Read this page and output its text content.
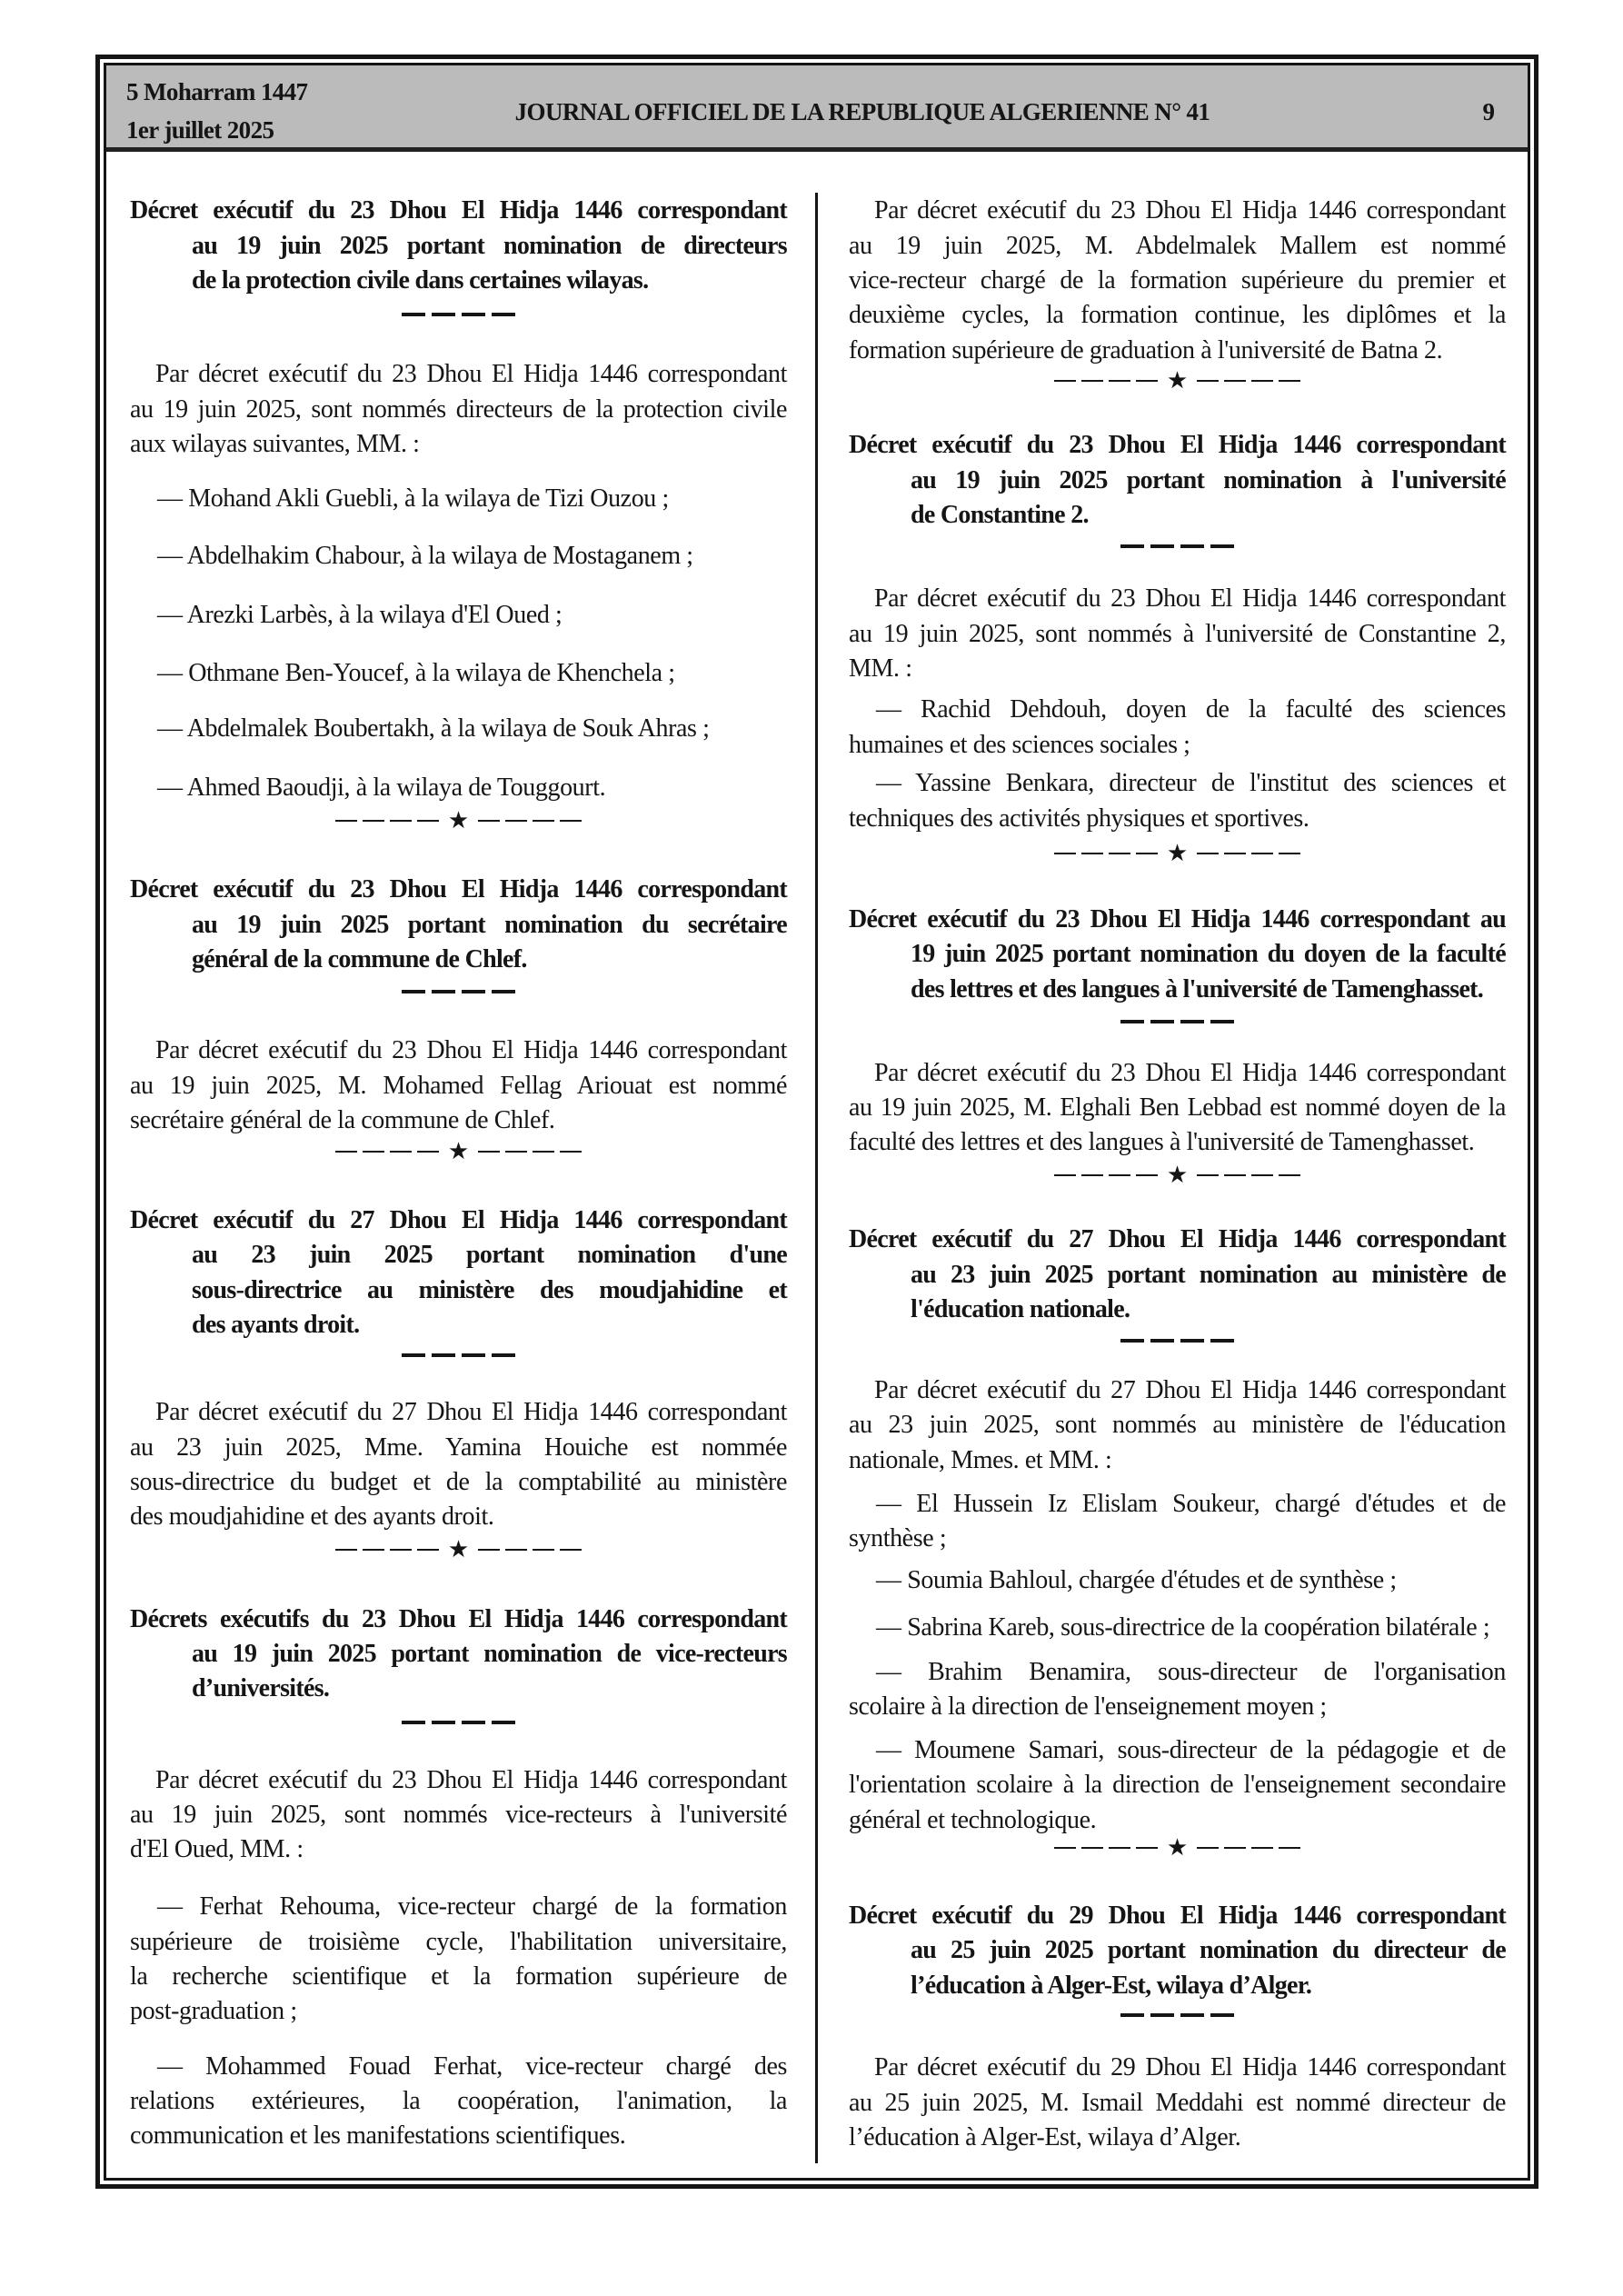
5 Moharram 1447
1er juillet 2025
JOURNAL OFFICIEL DE LA REPUBLIQUE ALGERIENNE N° 41	9
Décret exécutif du 23 Dhou El Hidja 1446 correspondant
au 19 juin 2025 portant nomination de directeurs
de la protection civile dans certaines wilayas.
Par décret exécutif du 23 Dhou El Hidja 1446 correspondant
au 19 juin 2025, sont nommés directeurs de la protection civile
aux wilayas suivantes, MM. :
— Mohand Akli Guebli, à la wilaya de Tizi Ouzou ;
— Abdelhakim Chabour, à la wilaya de Mostaganem ;
— Arezki Larbès, à la wilaya d'El Oued ;
— Othmane Ben-Youcef, à la wilaya de Khenchela ;
— Abdelmalek Boubertakh, à la wilaya de Souk Ahras ;
— Ahmed Baoudji, à la wilaya de Touggourt.
★
Décret exécutif du 23 Dhou El Hidja 1446 correspondant
au 19 juin 2025 portant nomination du secrétaire
général de la commune de Chlef.
Par décret exécutif du 23 Dhou El Hidja 1446 correspondant
au 19 juin 2025, M. Mohamed Fellag Ariouat est nommé
secrétaire général de la commune de Chlef.
★
Décret exécutif du 27 Dhou El Hidja 1446 correspondant
au 23 juin 2025 portant nomination d'une
sous-directrice au ministère des moudjahidine et
des ayants droit.
Par décret exécutif du 27 Dhou El Hidja 1446 correspondant
au 23 juin 2025, Mme. Yamina Houiche est nommée
sous-directrice du budget et de la comptabilité au ministère
des moudjahidine et des ayants droit.
★
Décrets exécutifs du 23 Dhou El Hidja 1446 correspondant
au 19 juin 2025 portant nomination de vice-recteurs
d’universités.
Par décret exécutif du 23 Dhou El Hidja 1446 correspondant
au 19 juin 2025, sont nommés vice-recteurs à l'université
d'El Oued, MM. :
— Ferhat Rehouma, vice-recteur chargé de la formation
supérieure de troisième cycle, l'habilitation universitaire,
la recherche scientifique et la formation supérieure de
post-graduation ;
— Mohammed Fouad Ferhat, vice-recteur chargé des
relations extérieures, la coopération, l'animation, la
communication et les manifestations scientifiques.
Par décret exécutif du 23 Dhou El Hidja 1446 correspondant
au 19 juin 2025, M. Abdelmalek Mallem est nommé
vice-recteur chargé de la formation supérieure du premier et
deuxième cycles, la formation continue, les diplômes et la
formation supérieure de graduation à l'université de Batna 2.
★
Décret exécutif du 23 Dhou El Hidja 1446 correspondant
au 19 juin 2025 portant nomination à l'université
de Constantine 2.
Par décret exécutif du 23 Dhou El Hidja 1446 correspondant
au 19 juin 2025, sont nommés à l'université de Constantine 2,
MM. :
— Rachid Dehdouh, doyen de la faculté des sciences
humaines et des sciences sociales ;
— Yassine Benkara, directeur de l'institut des sciences et
techniques des activités physiques et sportives.
★
Décret exécutif du 23 Dhou El Hidja 1446 correspondant au
19 juin 2025 portant nomination du doyen de la faculté
des lettres et des langues à l'université de Tamenghasset.
Par décret exécutif du 23 Dhou El Hidja 1446 correspondant
au 19 juin 2025, M. Elghali Ben Lebbad est nommé doyen de la
faculté des lettres et des langues à l'université de Tamenghasset.
★
Décret exécutif du 27 Dhou El Hidja 1446 correspondant
au 23 juin 2025 portant nomination au ministère de
l'éducation nationale.
Par décret exécutif du 27 Dhou El Hidja 1446 correspondant
au 23 juin 2025, sont nommés au ministère de l'éducation
nationale, Mmes. et MM. :
— El Hussein Iz Elislam Soukeur, chargé d'études et de
synthèse ;
— Soumia Bahloul, chargée d'études et de synthèse ;
— Sabrina Kareb, sous-directrice de la coopération bilatérale ;
— Brahim Benamira, sous-directeur de l'organisation
scolaire à la direction de l'enseignement moyen ;
— Moumene Samari, sous-directeur de la pédagogie et de
l'orientation scolaire à la direction de l'enseignement secondaire
général et technologique.
★
Décret exécutif du 29 Dhou El Hidja 1446 correspondant
au 25 juin 2025 portant nomination du directeur de
l’éducation à Alger-Est, wilaya d’Alger.
Par décret exécutif du 29 Dhou El Hidja 1446 correspondant
au 25 juin 2025, M. Ismail Meddahi est nommé directeur de
l’éducation à Alger-Est, wilaya d’Alger.
